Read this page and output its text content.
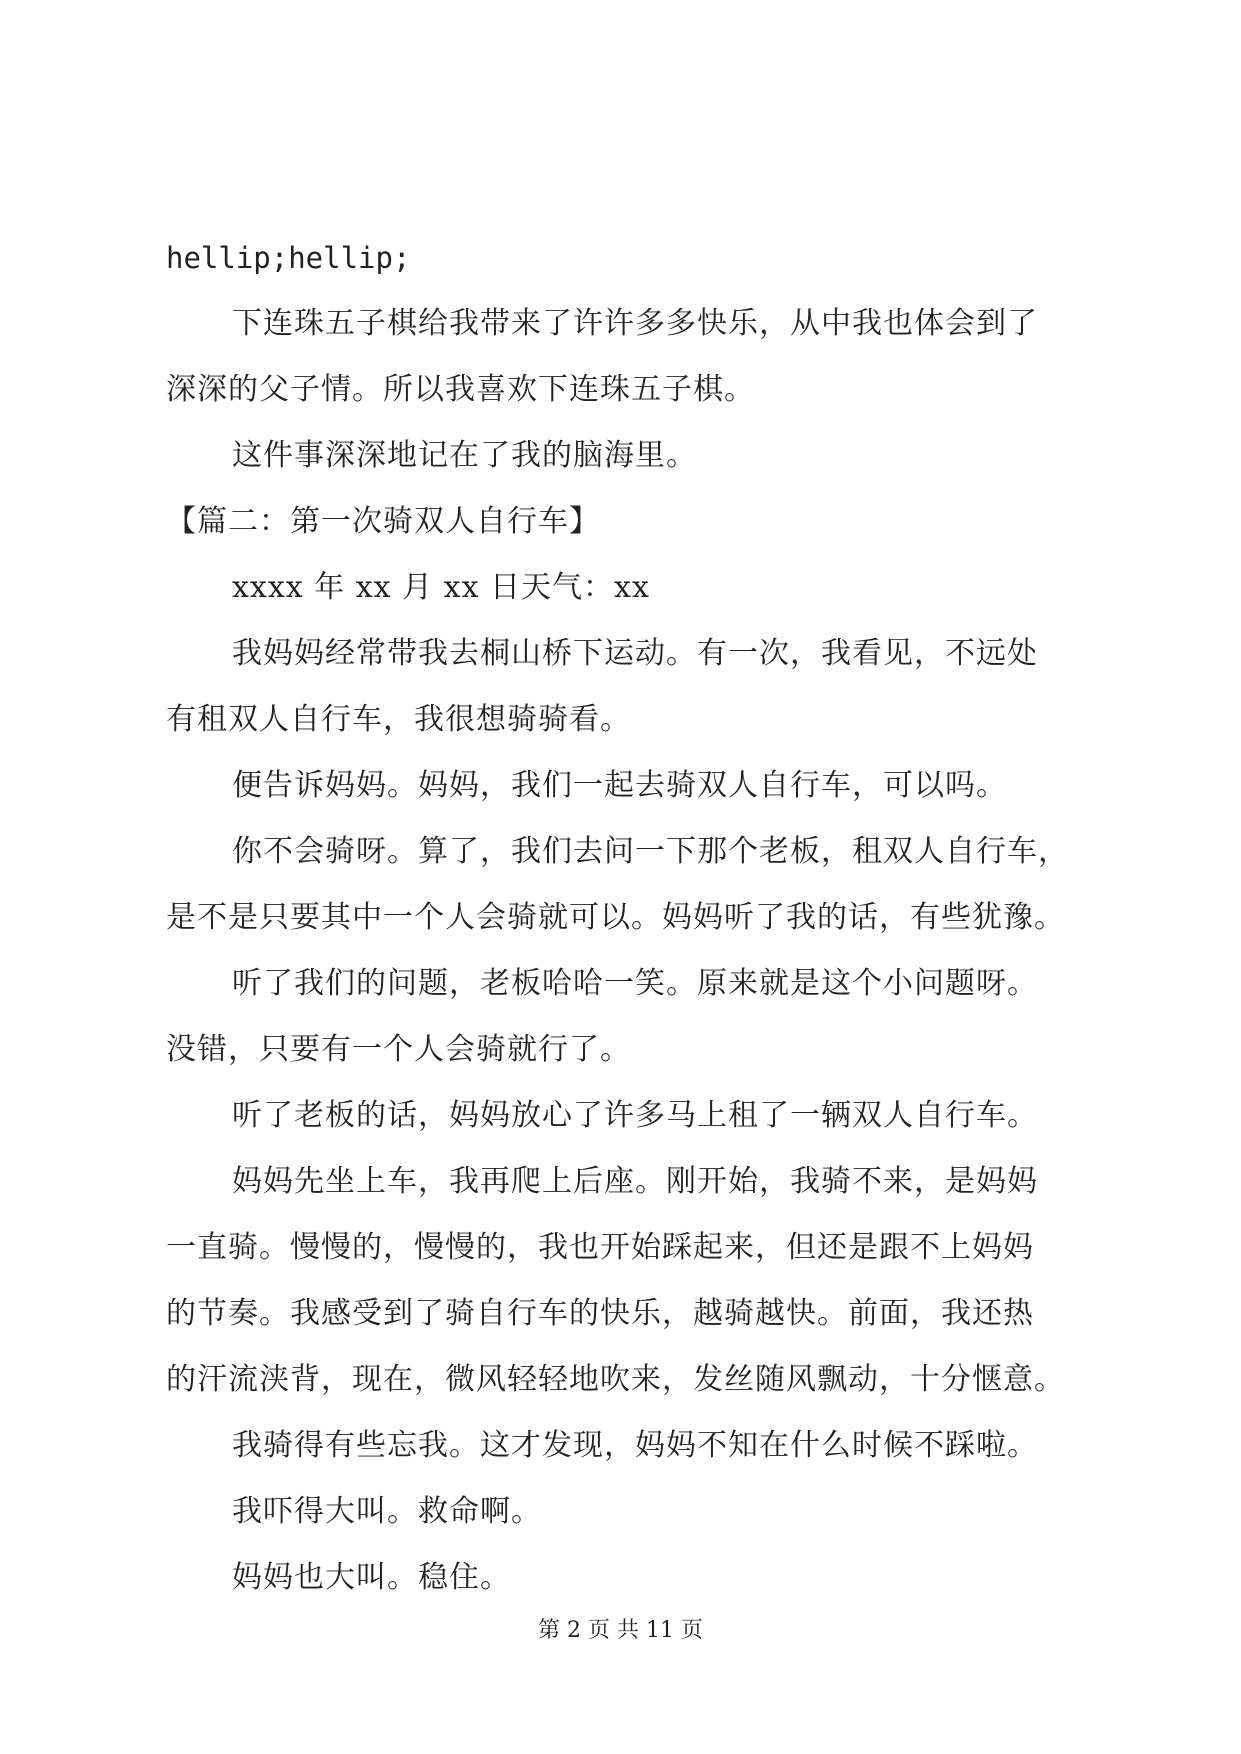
hellip;hellip;
下连珠五子棋给我带来了许许多多快乐，从中我也体会到了
深深的父子情。所以我喜欢下连珠五子棋。
这件事深深地记在了我的脑海里。
【篇二：第一次骑双人自行车】
xxxx 年 xx 月 xx 日天气：xx
我妈妈经常带我去桐山桥下运动。有一次，我看见，不远处
有租双人自行车，我很想骑骑看。
便告诉妈妈。妈妈，我们一起去骑双人自行车，可以吗。
你不会骑呀。算了，我们去问一下那个老板，租双人自行车，
是不是只要其中一个人会骑就可以。妈妈听了我的话，有些犹豫。
听了我们的问题，老板哈哈一笑。原来就是这个小问题呀。
没错，只要有一个人会骑就行了。
听了老板的话，妈妈放心了许多马上租了一辆双人自行车。
妈妈先坐上车，我再爬上后座。刚开始，我骑不来，是妈妈
一直骑。慢慢的，慢慢的，我也开始踩起来，但还是跟不上妈妈
的节奏。我感受到了骑自行车的快乐，越骑越快。前面，我还热
的汗流浃背，现在，微风轻轻地吹来，发丝随风飘动，十分惬意。
我骑得有些忘我。这才发现，妈妈不知在什么时候不踩啦。
我吓得大叫。救命啊。
妈妈也大叫。稳住。
第 2 页 共 11 页
